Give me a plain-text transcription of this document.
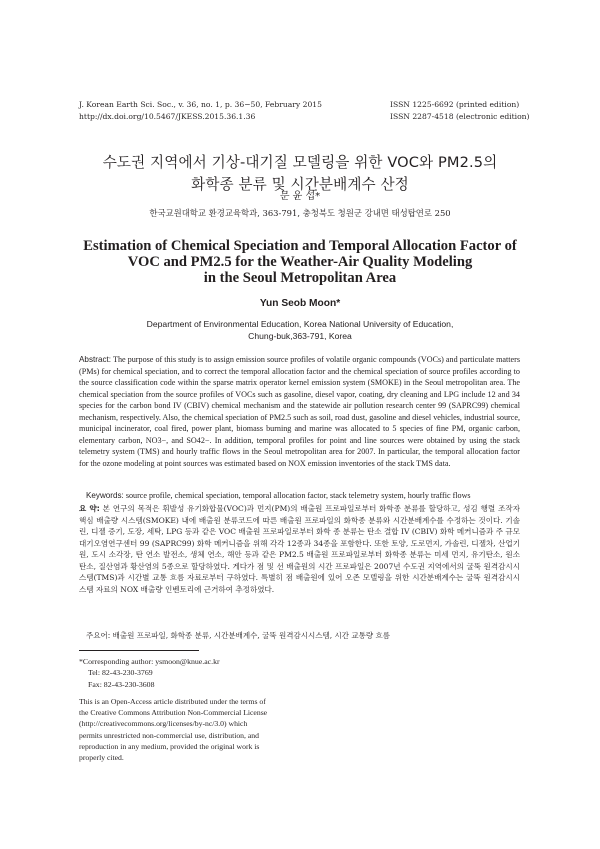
J. Korean Earth Sci. Soc., v. 36, no. 1, p. 36−50, February 2015
http://dx.doi.org/10.5467/JKESS.2015.36.1.36
ISSN 1225-6692 (printed edition)
ISSN 2287-4518 (electronic edition)
수도권 지역에서 기상-대기질 모델링을 위한 VOC와 PM2.5의
화학종 분류 및 시간분배계수 산정
문 윤 섭*
한국교원대학교 환경교육학과, 363-791, 충청북도 청원군 강내면 태성탑연로 250
Estimation of Chemical Speciation and Temporal Allocation Factor of
VOC and PM2.5 for the Weather-Air Quality Modeling
in the Seoul Metropolitan Area
Yun Seob Moon*
Department of Environmental Education, Korea National University of Education,
Chung-buk,363-791, Korea
Abstract: The purpose of this study is to assign emission source profiles of volatile organic compounds (VOCs) and particulate matters (PMs) for chemical speciation, and to correct the temporal allocation factor and the chemical speciation of source profiles according to the source classification code within the sparse matrix operator kernel emission system (SMOKE) in the Seoul metropolitan area. The chemical speciation from the source profiles of VOCs such as gasoline, diesel vapor, coating, dry cleaning and LPG include 12 and 34 species for the carbon bond IV (CBIV) chemical mechanism and the statewide air pollution research center 99 (SAPRC99) chemical mechanism, respectively. Also, the chemical speciation of PM2.5 such as soil, road dust, gasoline and diesel vehicles, industrial source, municipal incinerator, coal fired, power plant, biomass burning and marine was allocated to 5 species of fine PM, organic carbon, elementary carbon, NO3−, and SO42−. In addition, temporal profiles for point and line sources were obtained by using the stack telemetry system (TMS) and hourly traffic flows in the Seoul metropolitan area for 2007. In particular, the temporal allocation factor for the ozone modeling at point sources was estimated based on NOX emission inventories of the stack TMS data.
Keywords: source profile, chemical speciation, temporal allocation factor, stack telemetry system, hourly traffic flows
요 약: 본 연구의 목적은 휘발성 유기화합물(VOC)과 먼지(PM)의 배출원 프로파일로부터 화학종 분류를 할당하고, 성김 행렬 조작자 핵심 배출량 시스템(SMOKE) 내에 배출원 분류코드에 따른 배출원 프로파일의 화학종 분류와 시간분배계수를 수정하는 것이다. 기솔린, 디젤 증기, 도장, 세탁, LPG 등과 같은 VOC 배출원 프로파일로부터 화학 종 분류는 탄소 결합 IV (CBIV) 화학 메커니즘과 주 규모 대기오염연구센터 99 (SAPRC99) 화학 메커니즘을 위해 각각 12종과 34종을 포함한다. 또한 토양, 도로먼지, 가솔린, 디젤차, 산업기원, 도시 소각장, 탄 연소 발전소, 생체 연소, 해안 등과 같은 PM2.5 배출원 프로파일로부터 화학종 분류는 미세 먼지, 유기탄소, 원소 탄소, 질산염과 황산염의 5종으로 할당하였다. 게다가 점 및 선 배출원의 시간 프로파일은 2007년 수도권 지역에서의 굴뚝 원격감시시스템(TMS)과 시간별 교통 흐름 자료로부터 구하였다. 특별히 점 배출원에 있어 오존 모델링을 위한 시간분배계수는 굴뚝 원격감시시스템 자료의 NOX 배출량 인벤토리에 근거하여 추정하였다.
주요어: 배출원 프로파일, 화학종 분류, 시간분배계수, 굴뚝 원격감시시스템, 시간 교통량 흐름
*Corresponding author: ysmoon@knue.ac.kr
Tel: 82-43-230-3769
Fax: 82-43-230-3608
This is an Open-Access article distributed under the terms of the Creative Commons Attribution Non-Commercial License (http://creativecommons.org/licenses/by-nc/3.0) which permits unrestricted non-commercial use, distribution, and reproduction in any medium, provided the original work is properly cited.
